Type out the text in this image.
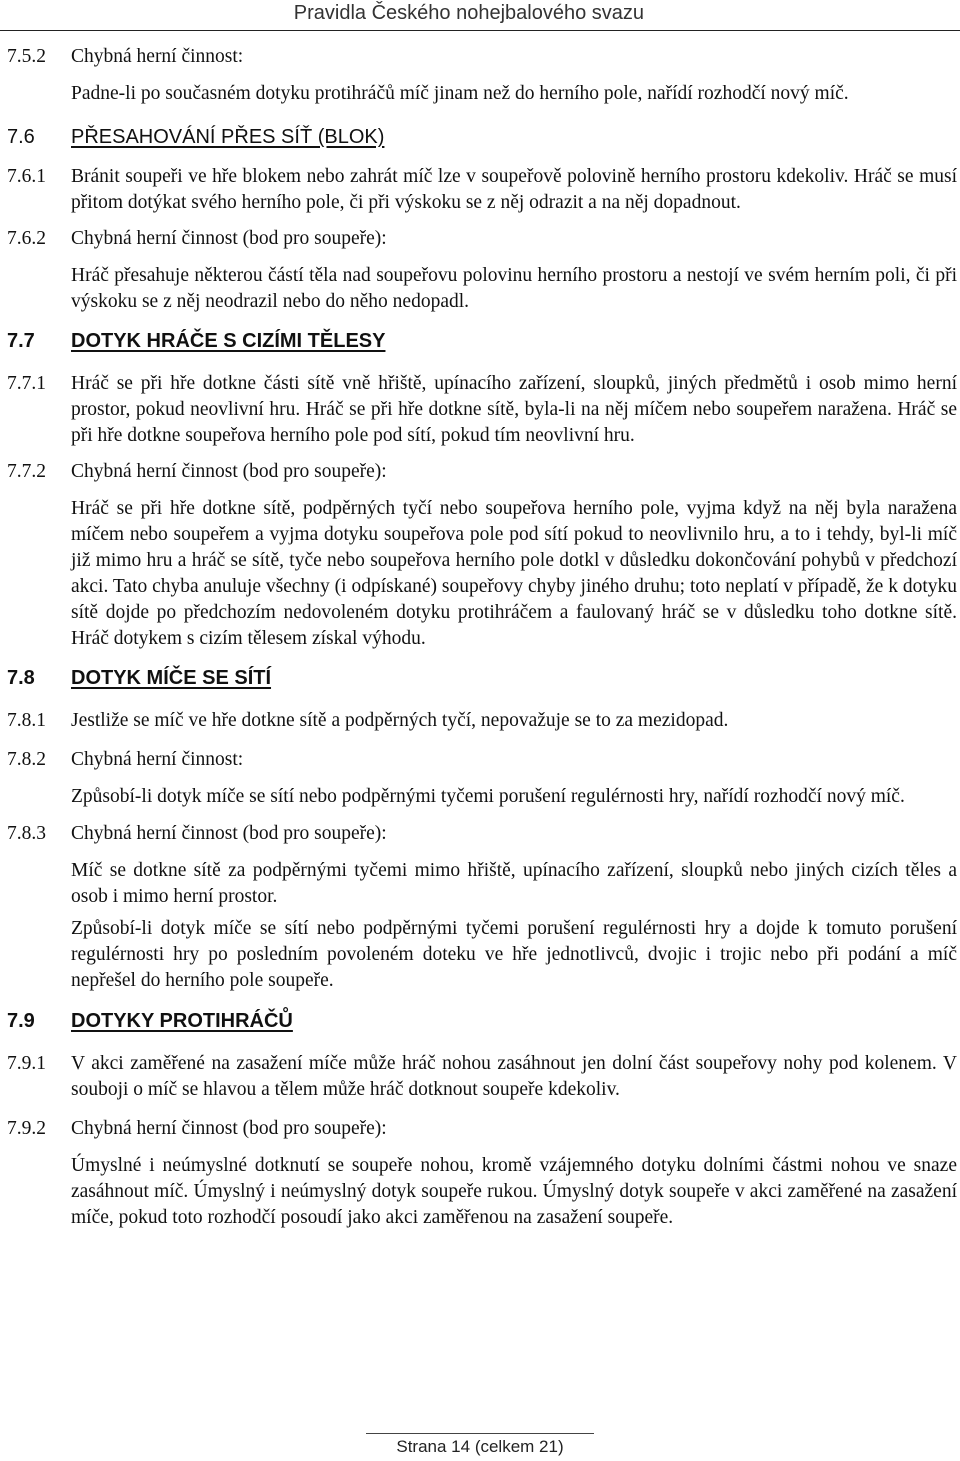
Pravidla Českého nohejbalového svazu
7.5.2	Chybná herní činnost:
Padne-li po současném dotyku protihráčů míč jinam než do herního pole, nařídí rozhodčí nový míč.
7.6	PŘESAHOVÁNÍ PŘES SÍŤ (BLOK)
7.6.1	Bránit soupeři ve hře blokem nebo zahrát míč lze v soupeřově polovině herního prostoru kdekoliv. Hráč se musí přitom dotýkat svého herního pole, či při výskoku se z něj odrazit a na něj dopadnout.
7.6.2	Chybná herní činnost (bod pro soupeře):
Hráč přesahuje některou částí těla nad soupeřovu polovinu herního prostoru a nestojí ve svém herním poli, či při výskoku se z něj neodrazil nebo do něho nedopadl.
7.7	DOTYK HRÁČE S CIZÍMI TĚLESY
7.7.1	Hráč se při hře dotkne části sítě vně hřiště, upínacího zařízení, sloupků, jiných předmětů i osob mimo herní prostor, pokud neovlivní hru. Hráč se při hře dotkne sítě, byla-li na něj míčem nebo soupeřem naražena. Hráč se při hře dotkne soupeřova herního pole pod sítí, pokud tím neovlivní hru.
7.7.2	Chybná herní činnost (bod pro soupeře):
Hráč se při hře dotkne sítě, podpěrných tyčí nebo soupeřova herního pole, vyjma když na něj byla naražena míčem nebo soupeřem a vyjma dotyku soupeřova pole pod sítí pokud to neovlivnilo hru, a to i tehdy, byl-li míč již mimo hru a hráč se sítě, tyče nebo soupeřova herního pole dotkl v důsledku dokončování pohybů v předchozí akci. Tato chyba anuluje všechny (i odpískané) soupeřovy chyby jiného druhu; toto neplatí v případě, že k dotyku sítě dojde po předchozím nedovoleném dotyku protihráčem a faulovaný hráč se v důsledku toho dotkne sítě. Hráč dotykem s cizím tělesem získal výhodu.
7.8	DOTYK MÍČE SE SÍTÍ
7.8.1	Jestliže se míč ve hře dotkne sítě a podpěrných tyčí, nepovažuje se to za mezidopad.
7.8.2	Chybná herní činnost:
Způsobí-li dotyk míče se sítí nebo podpěrnými tyčemi porušení regulérnosti hry, nařídí rozhodčí nový míč.
7.8.3	Chybná herní činnost (bod pro soupeře):
Míč se dotkne sítě za podpěrnými tyčemi mimo hřiště, upínacího zařízení, sloupků nebo jiných cizích těles a osob i mimo herní prostor.
Způsobí-li dotyk míče se sítí nebo podpěrnými tyčemi porušení regulérnosti hry a dojde k tomuto porušení regulérnosti hry po posledním povoleném doteku ve hře jednotlivců, dvojic i trojic nebo při podání a míč nepřešel do herního pole soupeře.
7.9	DOTYKY PROTIHRÁČŮ
7.9.1	V akci zaměřené na zasažení míče může hráč nohou zasáhnout jen dolní část soupeřovy nohy pod kolenem. V souboji o míč se hlavou a tělem může hráč dotknout soupeře kdekoliv.
7.9.2	Chybná herní činnost (bod pro soupeře):
Úmyslné i neúmyslné dotknutí se soupeře nohou, kromě vzájemného dotyku dolními částmi nohou ve snaze zasáhnout míč. Úmyslný i neúmyslný dotyk soupeře rukou. Úmyslný dotyk soupeře v akci zaměřené na zasažení míče, pokud toto rozhodčí posoudí jako akci zaměřenou na zasažení soupeře.
Strana 14 (celkem 21)
